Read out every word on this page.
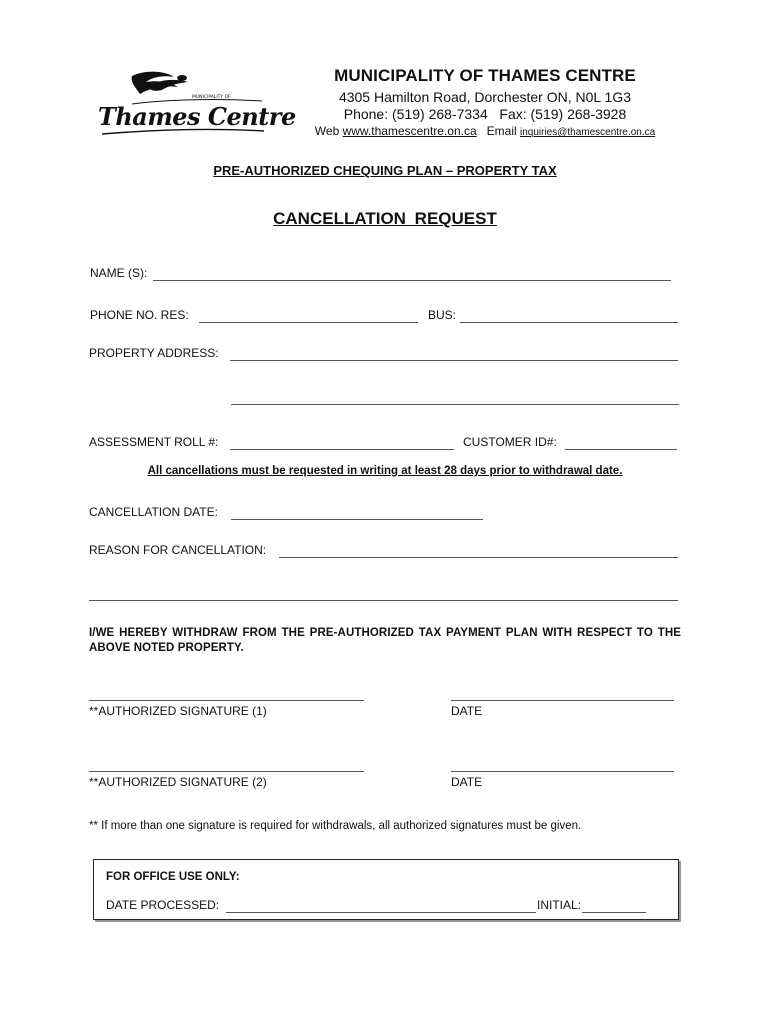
MUNICIPALITY OF
Thames Centre
MUNICIPALITY OF THAMES CENTRE
4305 Hamilton Road, Dorchester ON, N0L 1G3
Phone: (519) 268-7334   Fax: (519) 268-3928
Web www.thamescentre.on.ca   Email inquiries@thamescentre.on.ca
PRE-AUTHORIZED CHEQUING PLAN – PROPERTY TAX
CANCELLATION REQUEST
NAME (S):
PHONE NO. RES:	BUS:
PROPERTY ADDRESS:
ASSESSMENT ROLL #:	CUSTOMER ID#:
All cancellations must be requested in writing at least 28 days prior to withdrawal date.
CANCELLATION DATE:
REASON FOR CANCELLATION:
I/WE HEREBY WITHDRAW FROM THE PRE-AUTHORIZED TAX PAYMENT PLAN WITH RESPECT TO THE ABOVE NOTED PROPERTY.
**AUTHORIZED SIGNATURE (1)	DATE
**AUTHORIZED SIGNATURE (2)	DATE
** If more than one signature is required for withdrawals, all authorized signatures must be given.
FOR OFFICE USE ONLY:
DATE PROCESSED:	INITIAL:
